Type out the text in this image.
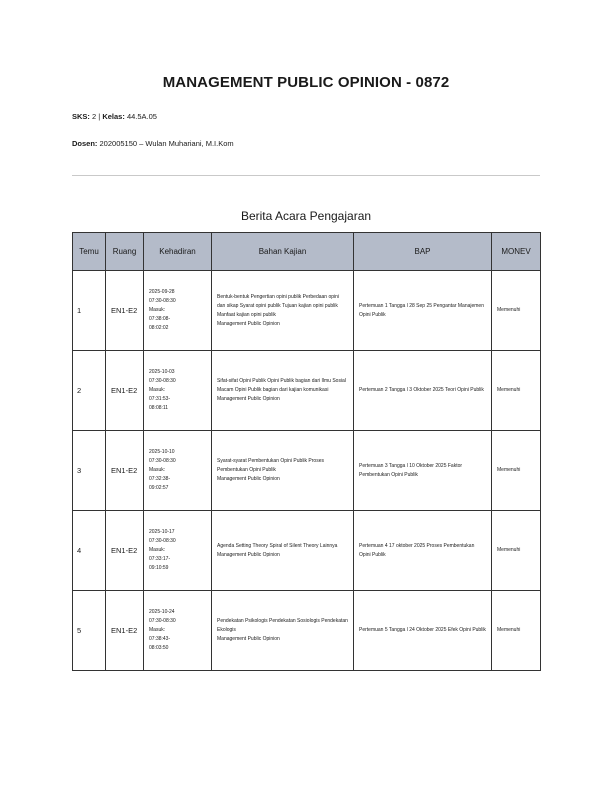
MANAGEMENT PUBLIC OPINION - 0872
SKS: 2 | Kelas: 44.5A.05
Dosen: 202005150 – Wulan Muhariani, M.I.Kom
Berita Acara Pengajaran
Temu	Ruang	Kehadiran	Bahan Kajian	BAP	MONEV
1	EN1-E2	2025-09-28
07:30-08:30
Masuk:
07:38:08-
08:02:02	Bentuk-bentuk Pengertian opini publik Perbedaan opini dan sikap Syarat opini publik Tujuan kajian opini publik Manfaat kajian opini publik
Management Public Opinion	Pertemuan 1 Tangga l 28 Sep 25 Pengantar Manajemen Opini Publik	Memenuhi
2	EN1-E2	2025-10-03
07:30-08:30
Masuk:
07:31:53-
08:08:11	Sifat-sifat Opini Publik Opini Publik bagian dari Ilmu Sosial Macam Opini Publik bagian dari kajian komunikasi
Management Public Opinion	Pertemuan 2 Tangga l 3 Oktober 2025 Teori Opini Publik	Memenuhi
3	EN1-E2	2025-10-10
07:30-08:30
Masuk:
07:32:38-
09:02:57	Syarat-syarat Pembentukan Opini Publik Proses Pembentukan Opini Publik
Management Public Opinion	Pertemuan 3 Tangga l 10 Oktober 2025 Faktor Pembentukan Opini Publik	Memenuhi
4	EN1-E2	2025-10-17
07:30-08:30
Masuk:
07:33:17-
09:10:59	Agenda Setting Theory Spiral of Silent Theory Lainnya
Management Public Opinion	Pertemuan 4 17 oktober 2025 Proses Pembentukan Opini Publik	Memenuhi
5	EN1-E2	2025-10-24
07:30-08:30
Masuk:
07:38:43-
08:03:50	Pendekatan Psikologis Pendekatan Sosiologis Pendekatan Ekologis
Management Public Opinion	Pertemuan 5 Tangga l 24 Oktober 2025 Efek Opini Publik	Memenuhi
